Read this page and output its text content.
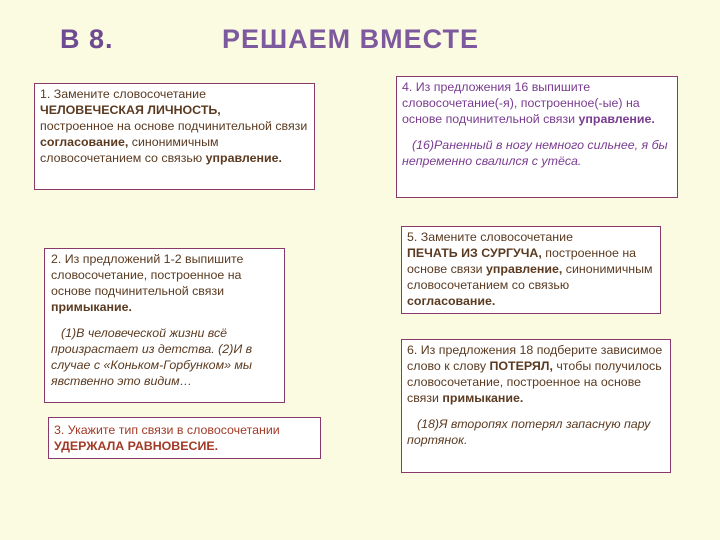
В 8.	РЕШАЕМ ВМЕСТЕ

1. Замените словосочетание
ЧЕЛОВЕЧЕСКАЯ ЛИЧНОСТЬ,
построенное на основе подчинительной связи согласование, синонимичным словосочетанием со связью управление.

2. Из предложений 1-2 выпишите словосочетание, построенное на основе подчинительной связи примыкание.

(1)В человеческой жизни всё произрастает из детства. (2)И в случае с «Коньком-Горбунком» мы явственно это видим…

3. Укажите тип связи в словосочетании
УДЕРЖАЛА РАВНОВЕСИЕ.

4. Из предложения 16 выпишите словосочетание(-я), построенное(-ые) на основе подчинительной связи управление.

(16)Раненный в ногу немного сильнее, я бы непременно свалился с утёса.

5. Замените словосочетание
ПЕЧАТЬ ИЗ СУРГУЧА, построенное на основе связи управление, синонимичным словосочетанием со связью согласование.

6. Из предложения 18 подберите зависимое слово к слову ПОТЕРЯЛ, чтобы получилось словосочетание, построенное на основе связи примыкание.

(18)Я второпях потерял запасную пару портянок.
